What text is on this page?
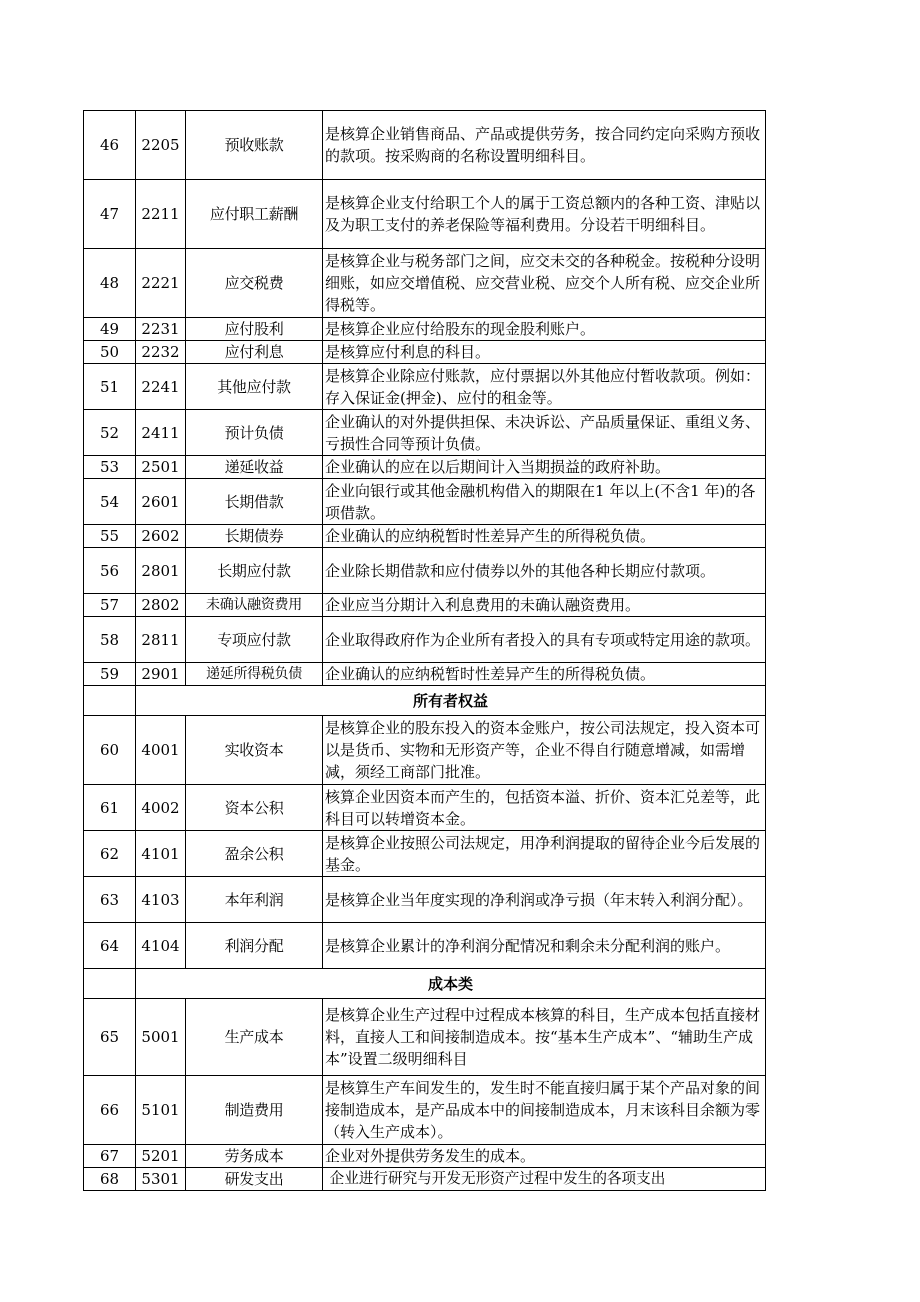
46	2205	预收账款	是核算企业销售商品、产品或提供劳务，按合同约定向采购方预收的款项。按采购商的名称设置明细科目。
47	2211	应付职工薪酬	是核算企业支付给职工个人的属于工资总额内的各种工资、津贴以及为职工支付的养老保险等福利费用。分设若干明细科目。
48	2221	应交税费	是核算企业与税务部门之间，应交未交的各种税金。按税种分设明细账，如应交增值税、应交营业税、应交个人所有税、应交企业所得税等。
49	2231	应付股利	是核算企业应付给股东的现金股利账户。
50	2232	应付利息	是核算应付利息的科目。
51	2241	其他应付款	是核算企业除应付账款，应付票据以外其他应付暂收款项。例如：存入保证金(押金)、应付的租金等。
52	2411	预计负债	企业确认的对外提供担保、未决诉讼、产品质量保证、重组义务、亏损性合同等预计负债。
53	2501	递延收益	企业确认的应在以后期间计入当期损益的政府补助。
54	2601	长期借款	企业向银行或其他金融机构借入的期限在1 年以上(不含1 年)的各项借款。
55	2602	长期债券	企业确认的应纳税暂时性差异产生的所得税负债。
56	2801	长期应付款	企业除长期借款和应付债券以外的其他各种长期应付款项。
57	2802	未确认融资费用	企业应当分期计入利息费用的未确认融资费用。
58	2811	专项应付款	企业取得政府作为企业所有者投入的具有专项或特定用途的款项。
59	2901	递延所得税负债	企业确认的应纳税暂时性差异产生的所得税负债。
	所有者权益		
60	4001	实收资本	是核算企业的股东投入的资本金账户，按公司法规定，投入资本可以是货币、实物和无形资产等，企业不得自行随意增减，如需增减，须经工商部门批准。
61	4002	资本公积	核算企业因资本而产生的，包括资本溢、折价、资本汇兑差等，此科目可以转增资本金。
62	4101	盈余公积	是核算企业按照公司法规定，用净利润提取的留待企业今后发展的基金。
63	4103	本年利润	是核算企业当年度实现的净利润或净亏损（年末转入利润分配）。
64	4104	利润分配	是核算企业累计的净利润分配情况和剩余未分配利润的账户。
	成本类		
65	5001	生产成本	是核算企业生产过程中过程成本核算的科目，生产成本包括直接材料，直接人工和间接制造成本。按“基本生产成本”、“辅助生产成本”设置二级明细科目
66	5101	制造费用	是核算生产车间发生的，发生时不能直接归属于某个产品对象的间接制造成本，是产品成本中的间接制造成本，月末该科目余额为零（转入生产成本）。
67	5201	劳务成本	企业对外提供劳务发生的成本。
68	5301	研发支出	企业进行研究与开发无形资产过程中发生的各项支出
